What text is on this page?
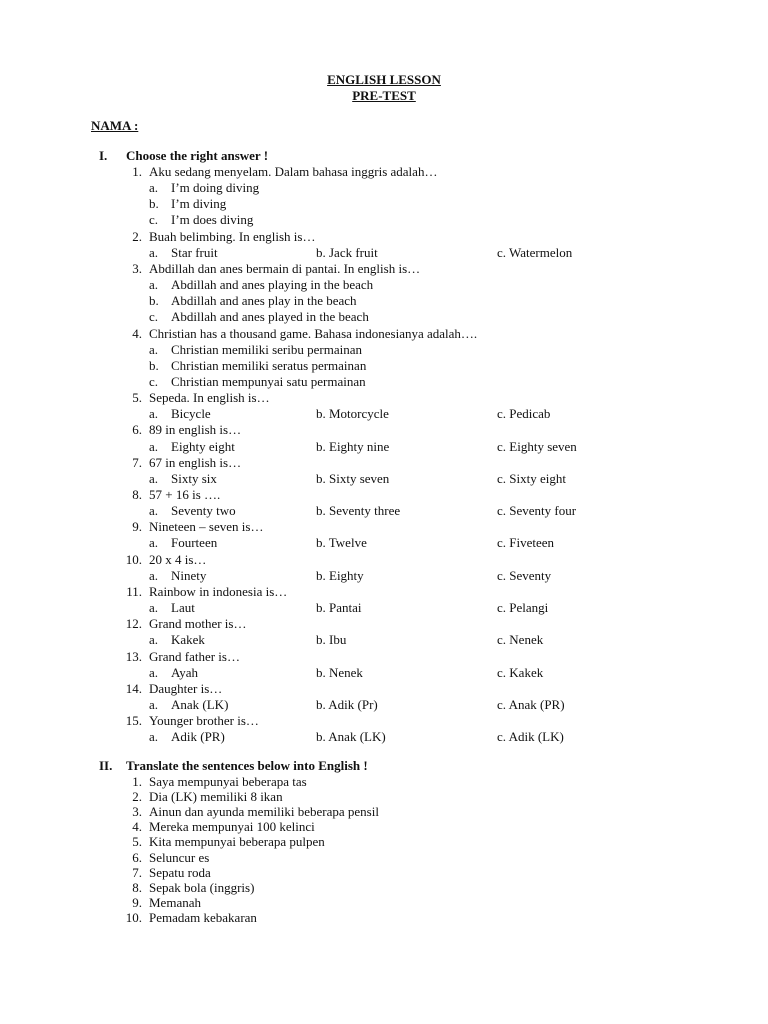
ENGLISH LESSON
PRE-TEST
NAMA :
I. Choose the right answer !
1. Aku sedang menyelam. Dalam bahasa inggris adalah…
a. I’m doing diving
b. I’m diving
c. I’m does diving
2. Buah belimbing. In english is…
a. Star fruit	b. Jack fruit	c. Watermelon
3. Abdillah dan anes bermain di pantai. In english is…
a. Abdillah and anes playing in the beach
b. Abdillah and anes play in the beach
c. Abdillah and anes played in the beach
4. Christian has a thousand game. Bahasa indonesianya adalah….
a. Christian memiliki seribu permainan
b. Christian memiliki seratus permainan
c. Christian mempunyai satu permainan
5. Sepeda. In english is…
a. Bicycle	b. Motorcycle	c. Pedicab
6. 89 in english is…
a. Eighty eight	b. Eighty nine	c. Eighty seven
7. 67 in english is…
a. Sixty six	b. Sixty seven	c. Sixty eight
8. 57 + 16 is ….
a. Seventy two	b. Seventy three	c. Seventy four
9. Nineteen – seven is…
a. Fourteen	b. Twelve	c. Fiveteen
10. 20 x 4 is…
a. Ninety	b. Eighty	c. Seventy
11. Rainbow in indonesia is…
a. Laut	b. Pantai	c. Pelangi
12. Grand mother is…
a. Kakek	b. Ibu	c. Nenek
13. Grand father is…
a. Ayah	b. Nenek	c. Kakek
14. Daughter is…
a. Anak (LK)	b. Adik (Pr)	c. Anak (PR)
15. Younger brother is…
a. Adik (PR)	b. Anak (LK)	c. Adik (LK)
II. Translate the sentences below into English !
1. Saya mempunyai beberapa tas
2. Dia (LK) memiliki 8 ikan
3. Ainun dan ayunda memiliki beberapa pensil
4. Mereka mempunyai 100 kelinci
5. Kita mempunyai beberapa pulpen
6. Seluncur es
7. Sepatu roda
8. Sepak bola (inggris)
9. Memanah
10. Pemadam kebakaran
